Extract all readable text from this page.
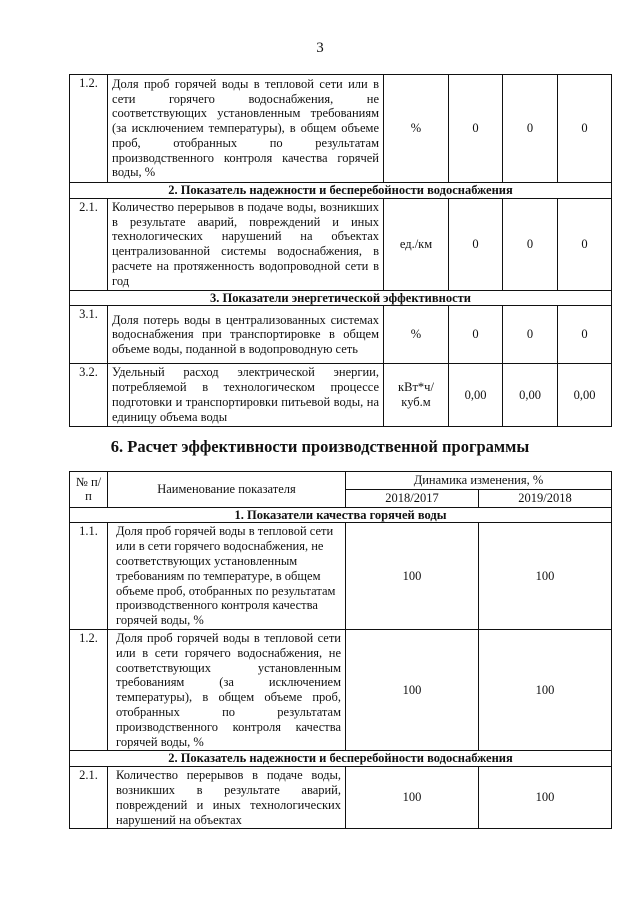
3
1.2.	Доля проб горячей воды в тепловой сети или в сети горячего водоснабжения, не соответствующих установленным требованиям (за исключением температуры), в общем объеме проб, отобранных по результатам производственного контроля качества горячей воды, %	%	0	0	0
2. Показатель надежности и бесперебойности водоснабжения					
2.1.	Количество перерывов в подаче воды, возникших в результате аварий, повреждений и иных технологических нарушений на объектах централизованной системы водоснабжения, в расчете на протяженность водопроводной сети в год	ед./км	0	0	0
3. Показатели энергетической эффективности					
3.1.	Доля потерь воды в централизованных системах водоснабжения при транспортировке в общем объеме воды, поданной в водопроводную сеть	%	0	0	0
3.2.	Удельный расход электрической энергии, потребляемой в технологическом процессе подготовки и транспортировки питьевой воды, на единицу объема воды	кВт*ч/ куб.м	0,00	0,00	0,00
6. Расчет эффективности производственной программы
№ п/п	Наименование показателя	Динамика изменения, %	
		2018/2017	2019/2018
1. Показатели качества горячей воды			
1.1.	Доля проб горячей воды в тепловой сети или в сети горячего водоснабжения, не соответствующих установленным требованиям по температуре, в общем объеме проб, отобранных по результатам производственного контроля качества горячей воды, %	100	100
1.2.	Доля проб горячей воды в тепловой сети или в сети горячего водоснабжения, не соответствующих установленным требованиям (за исключением температуры), в общем объеме проб, отобранных по результатам производственного контроля качества горячей воды, %	100	100
2. Показатель надежности и бесперебойности водоснабжения			
2.1.	Количество перерывов в подаче воды, возникших в результате аварий, повреждений и иных технологических нарушений на объектах	100	100
